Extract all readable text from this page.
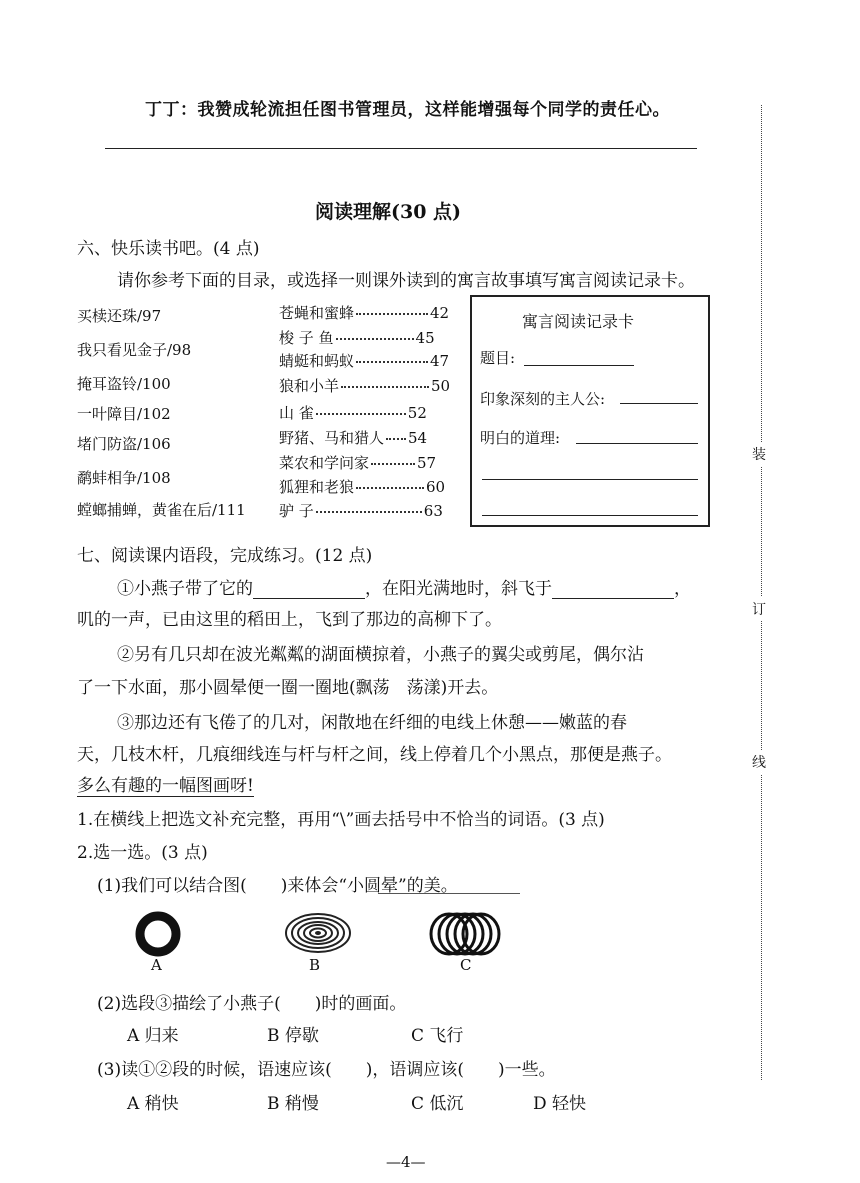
装
订
线
丁丁：我赞成轮流担任图书管理员，这样能增强每个同学的责任心。
阅读理解(30 点)
六、快乐读书吧。(4 点)
请你参考下面的目录，或选择一则课外读到的寓言故事填写寓言阅读记录卡。
买椟还珠/97
我只看见金子/98
掩耳盗铃/100
一叶障目/102
堵门防盗/106
鹬蚌相争/108
螳螂捕蝉，黄雀在后/111
苍蝇和蜜蜂	42
梭 子 鱼	45
蜻蜓和蚂蚁	47
狼和小羊	50
山 雀	52
野猪、马和猎人 54
菜农和学问家	57
狐狸和老狼	60
驴 子	63
寓言阅读记录卡
题目:
印象深刻的主人公:
明白的道理:
七、阅读课内语段，完成练习。(12 点)
①小燕子带了它的	，在阳光满地时，斜飞于	，
叽的一声，已由这里的稻田上，飞到了那边的高柳下了。
②另有几只却在波光粼粼的湖面横掠着，小燕子的翼尖或剪尾，偶尔沾
了一下水面，那小圆晕便一圈一圈地(飘荡　荡漾)开去。
③那边还有飞倦了的几对，闲散地在纤细的电线上休憩——嫩蓝的春
天，几枝木杆，几痕细线连与杆与杆之间，线上停着几个小黑点，那便是燕子。
多么有趣的一幅图画呀!
1.在横线上把选文补充完整，再用“\”画去括号中不恰当的词语。(3 点)
2.选一选。(3 点)
(1)我们可以结合图(　　)来体会“小圆晕”的美。
A	B	C
(2)选段③描绘了小燕子(　　)时的画面。
A 归来	B 停歇	C 飞行
(3)读①②段的时候，语速应该(　　)，语调应该(　　)一些。
A 稍快	B 稍慢	C 低沉	D 轻快
—4—
